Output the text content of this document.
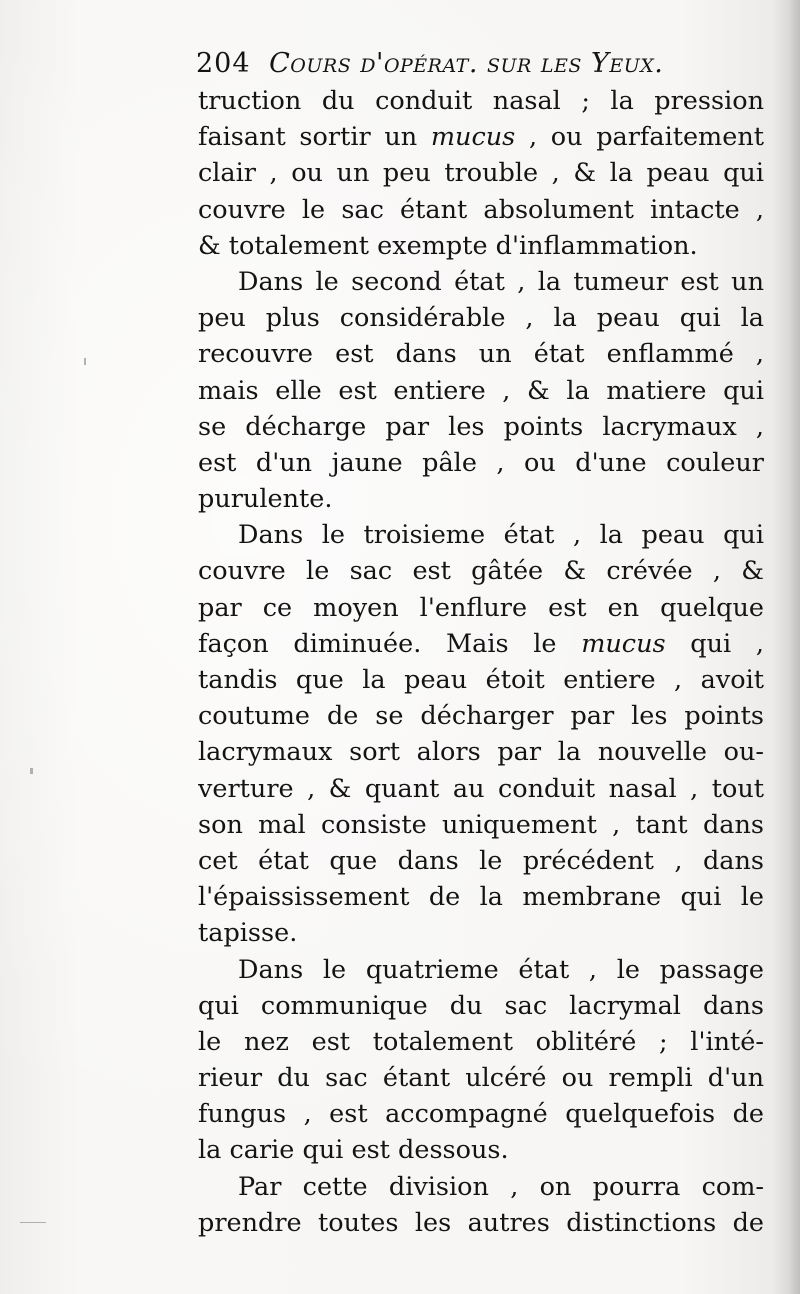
204 Cours d'opérat. sur les Yeux.
truction du conduit nasal ; la pression
faisant sortir un mucus , ou parfaitement
clair , ou un peu trouble , & la peau qui
couvre le sac étant absolument intacte ,
& totalement exempte d'inflammation.
Dans le second état , la tumeur est un
peu plus considérable , la peau qui la
recouvre est dans un état enflammé ,
mais elle est entiere , & la matiere qui
se décharge par les points lacrymaux ,
est d'un jaune pâle , ou d'une couleur
purulente.
Dans le troisieme état , la peau qui
couvre le sac est gâtée & crévée , &
par ce moyen l'enflure est en quelque
façon diminuée. Mais le mucus qui ,
tandis que la peau étoit entiere , avoit
coutume de se décharger par les points
lacrymaux sort alors par la nouvelle ou-
verture , & quant au conduit nasal , tout
son mal consiste uniquement , tant dans
cet état que dans le précédent , dans
l'épaississement de la membrane qui le
tapisse.
Dans le quatrieme état , le passage
qui communique du sac lacrymal dans
le nez est totalement oblitéré ; l'inté-
rieur du sac étant ulcéré ou rempli d'un
fungus , est accompagné quelquefois de
la carie qui est dessous.
Par cette division , on pourra com-
prendre toutes les autres distinctions de
